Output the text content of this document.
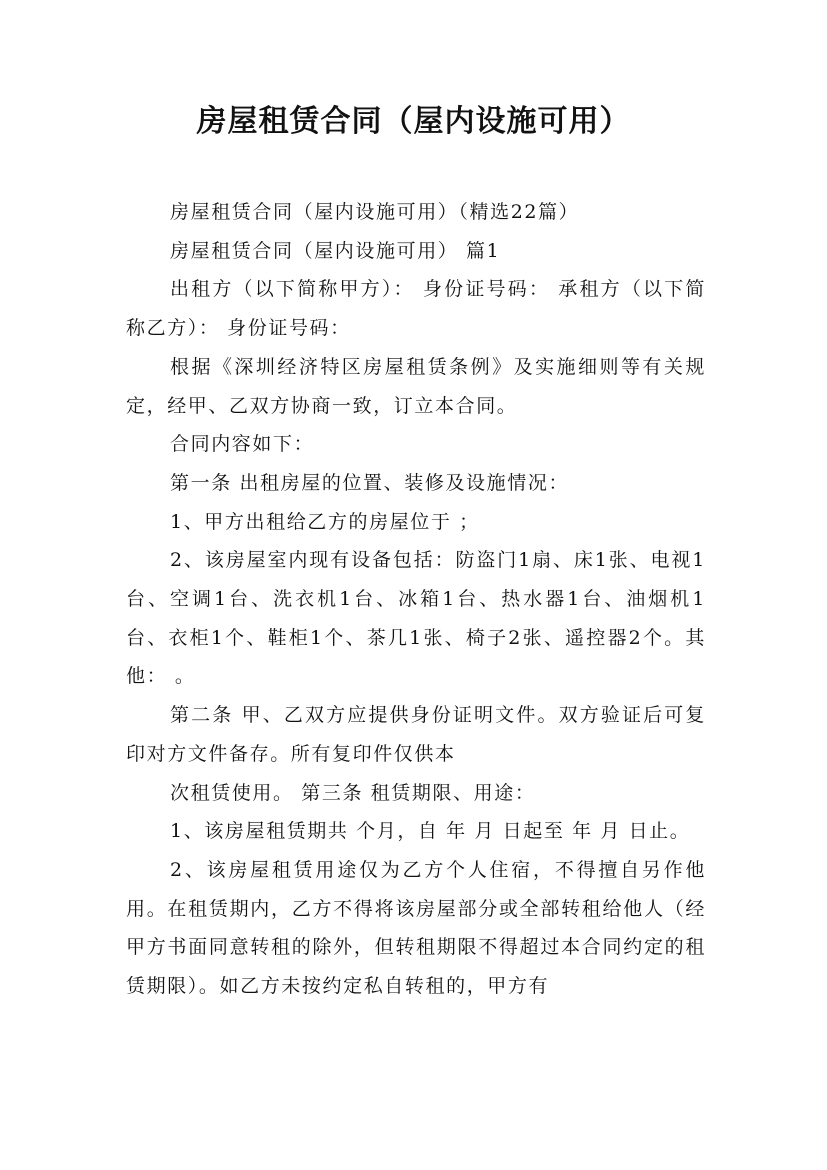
房屋租赁合同（屋内设施可用）

房屋租赁合同（屋内设施可用）（精选22篇）

房屋租赁合同（屋内设施可用） 篇1

出租方（以下简称甲方）： 身份证号码： 承租方（以下简称乙方）： 身份证号码：

根据《深圳经济特区房屋租赁条例》及实施细则等有关规定，经甲、乙双方协商一致，订立本合同。

合同内容如下：

第一条 出租房屋的位置、装修及设施情况：

1、甲方出租给乙方的房屋位于 ；

2、该房屋室内现有设备包括：防盗门1扇、床1张、电视1台、空调1台、洗衣机1台、冰箱1台、热水器1台、油烟机1台、衣柜1个、鞋柜1个、茶几1张、椅子2张、遥控器2个。其他： 。

第二条 甲、乙双方应提供身份证明文件。双方验证后可复印对方文件备存。所有复印件仅供本

次租赁使用。 第三条 租赁期限、用途：

1、该房屋租赁期共 个月，自 年 月 日起至 年 月 日止。

2、该房屋租赁用途仅为乙方个人住宿，不得擅自另作他用。在租赁期内，乙方不得将该房屋部分或全部转租给他人（经甲方书面同意转租的除外，但转租期限不得超过本合同约定的租赁期限）。如乙方未按约定私自转租的，甲方有
